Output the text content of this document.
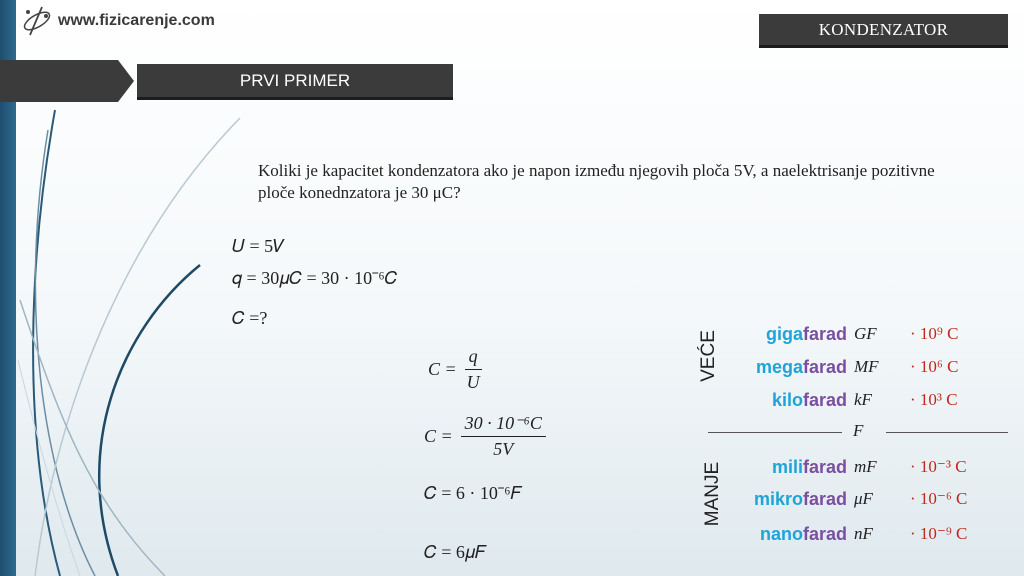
www.fizicarenje.com	KONDENZATOR
PRVI PRIMER
Koliki je kapacitet kondenzatora ako je napon između njegovih ploča 5V, a naelektrisanje pozitivne ploče konednzatora je 30 μC?
𝑈 = 5𝑉
𝑞 = 30𝜇𝐶 = 30 · 10⁻⁶𝐶
𝐶 =?
$C = \frac{q}{U}$
$C = \frac{\text{30 · 10⁻⁶C}}{5V}$
𝐶 = 6 · 10⁻⁶𝐹
𝐶 = 6𝜇𝐹
VEĆE
MANJE
gigafarad GF · 10⁹ C
megafarad MF · 10⁶ C
kilofarad kF · 10³ C
F
milifarad mF · 10⁻³ C
mikrofarad μF · 10⁻⁶ C
nanofarad nF · 10⁻⁹ C
